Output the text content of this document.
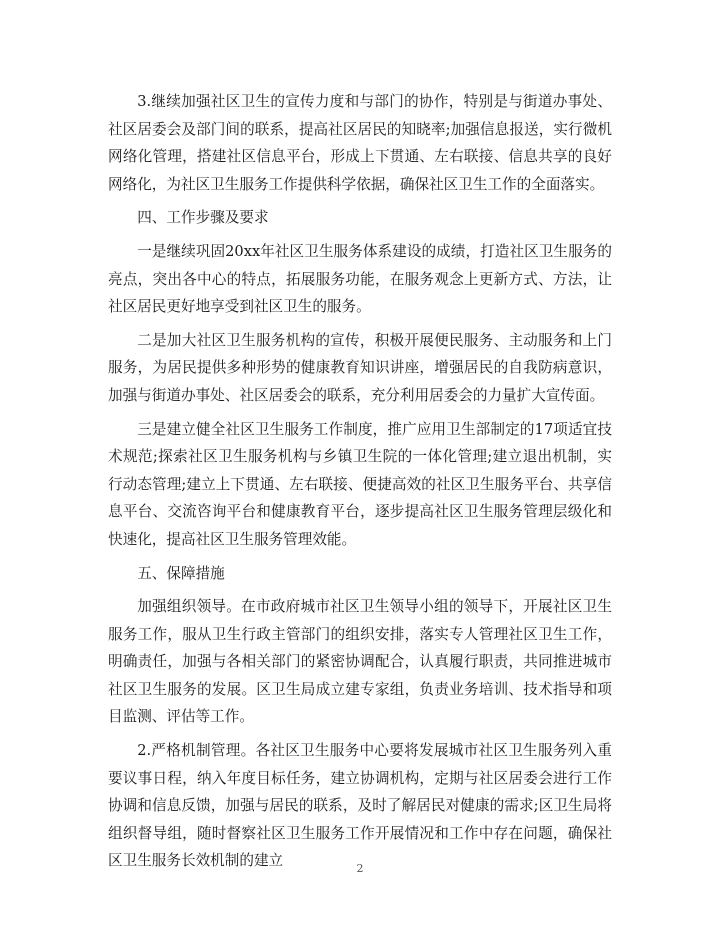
3.继续加强社区卫生的宣传力度和与部门的协作，特别是与街道办事处、社区居委会及部门间的联系，提高社区居民的知晓率;加强信息报送，实行微机网络化管理，搭建社区信息平台，形成上下贯通、左右联接、信息共享的良好网络化，为社区卫生服务工作提供科学依据，确保社区卫生工作的全面落实。

四、工作步骤及要求

一是继续巩固20xx年社区卫生服务体系建设的成绩，打造社区卫生服务的亮点，突出各中心的特点，拓展服务功能，在服务观念上更新方式、方法，让社区居民更好地享受到社区卫生的服务。

二是加大社区卫生服务机构的宣传，积极开展便民服务、主动服务和上门服务，为居民提供多种形势的健康教育知识讲座，增强居民的自我防病意识，加强与街道办事处、社区居委会的联系，充分利用居委会的力量扩大宣传面。

三是建立健全社区卫生服务工作制度，推广应用卫生部制定的17项适宜技术规范;探索社区卫生服务机构与乡镇卫生院的一体化管理;建立退出机制，实行动态管理;建立上下贯通、左右联接、便捷高效的社区卫生服务平台、共享信息平台、交流咨询平台和健康教育平台，逐步提高社区卫生服务管理层级化和快速化，提高社区卫生服务管理效能。

五、保障措施

加强组织领导。在市政府城市社区卫生领导小组的领导下，开展社区卫生服务工作，服从卫生行政主管部门的组织安排，落实专人管理社区卫生工作，明确责任，加强与各相关部门的紧密协调配合，认真履行职责，共同推进城市社区卫生服务的发展。区卫生局成立建专家组，负责业务培训、技术指导和项目监测、评估等工作。

2.严格机制管理。各社区卫生服务中心要将发展城市社区卫生服务列入重要议事日程，纳入年度目标任务，建立协调机构，定期与社区居委会进行工作协调和信息反馈，加强与居民的联系，及时了解居民对健康的需求;区卫生局将组织督导组，随时督察社区卫生服务工作开展情况和工作中存在问题，确保社区卫生服务长效机制的建立	2
